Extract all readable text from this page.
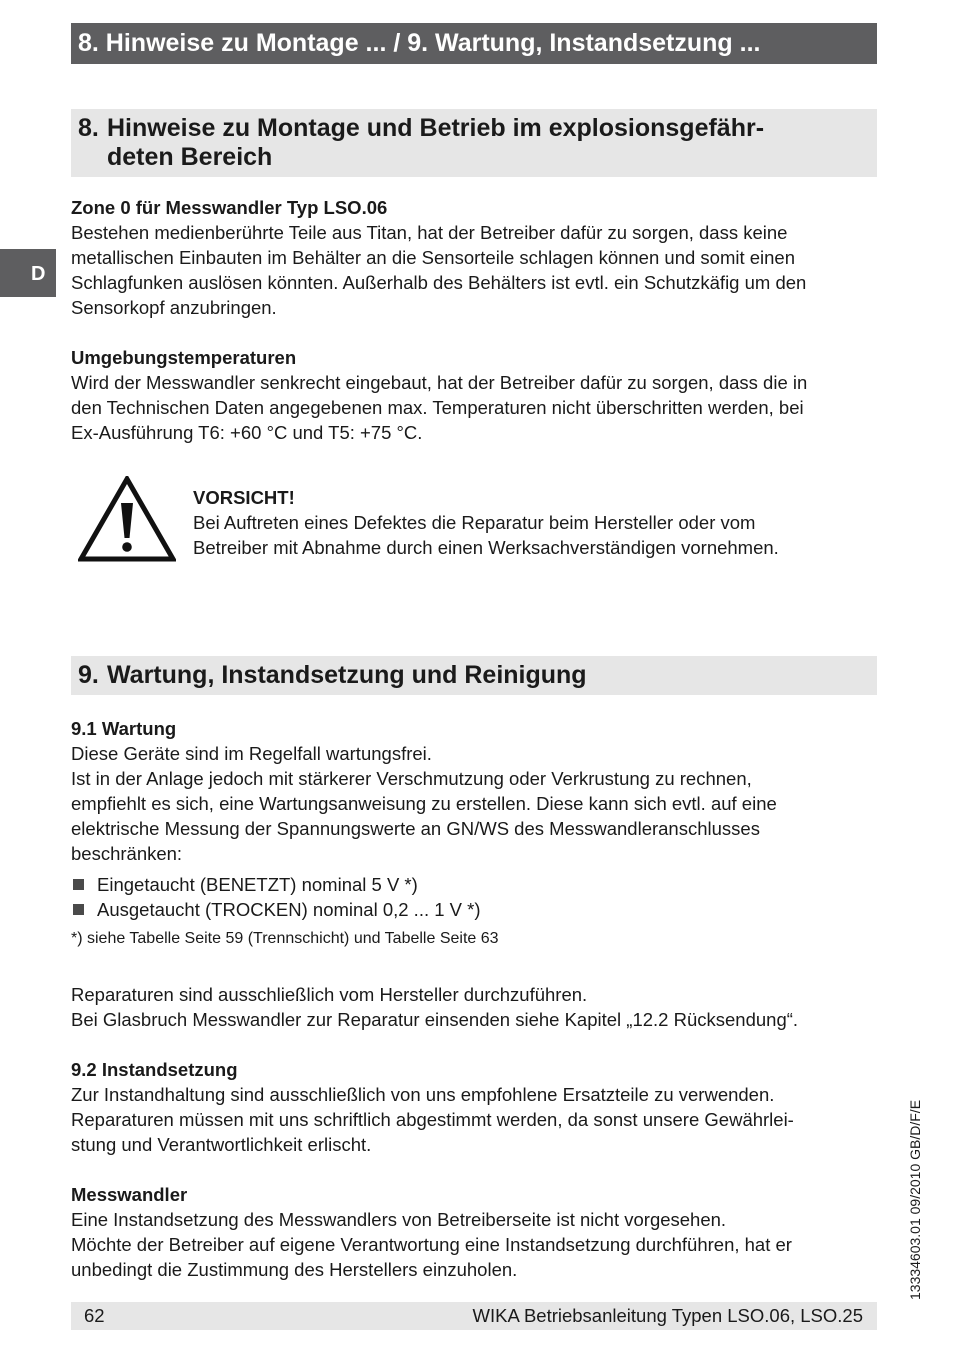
8. Hinweise zu Montage ... / 9. Wartung, Instandsetzung ...
D
8. Hinweise zu Montage und Betrieb im explosionsgefähr-
deten Bereich

Zone 0 für Messwandler Typ LSO.06

Bestehen medienberührte Teile aus Titan, hat der Betreiber dafür zu sorgen, dass keine

metallischen Einbauten im Behälter an die Sensorteile schlagen können und somit einen

Schlagfunken auslösen könnten. Außerhalb des Behälters ist evtl. ein Schutzkäfig um den

Sensorkopf anzubringen.

Umgebungstemperaturen

Wird der Messwandler senkrecht eingebaut, hat der Betreiber dafür zu sorgen, dass die in

den Technischen Daten angegebenen max. Temperaturen nicht überschritten werden, bei

Ex-Ausführung T6: +60 °C und T5: +75 °C.

VORSICHT!

Bei Auftreten eines Defektes die Reparatur beim Hersteller oder vom

Betreiber mit Abnahme durch einen Werksachverständigen vornehmen.

9. Wartung, Instandsetzung und Reinigung

9.1 Wartung

Diese Geräte sind im Regelfall wartungsfrei.

Ist in der Anlage jedoch mit stärkerer Verschmutzung oder Verkrustung zu rechnen,

empfiehlt es sich, eine Wartungsanweisung zu erstellen. Diese kann sich evtl. auf eine

elektrische Messung der Spannungswerte an GN/WS des Messwandleranschlusses

beschränken:

Eingetaucht (BENETZT) nominal 5 V *)
Ausgetaucht (TROCKEN) nominal 0,2 ... 1 V *)
*) siehe Tabelle Seite 59 (Trennschicht) und Tabelle Seite 63

Reparaturen sind ausschließlich vom Hersteller durchzuführen.

Bei Glasbruch Messwandler zur Reparatur einsenden siehe Kapitel „12.2 Rücksendung“.

9.2 Instandsetzung

Zur Instandhaltung sind ausschließlich von uns empfohlene Ersatzteile zu verwenden.

Reparaturen müssen mit uns schriftlich abgestimmt werden, da sonst unsere Gewährlei-

stung und Verantwortlichkeit erlischt.

Messwandler

Eine Instandsetzung des Messwandlers von Betreiberseite ist nicht vorgesehen.

Möchte der Betreiber auf eigene Verantwortung eine Instandsetzung durchführen, hat er

unbedingt die Zustimmung des Herstellers einzuholen.	13334603.01 09/2010 GB/D/F/E
62	WIKA Betriebsanleitung Typen LSO.06, LSO.25
